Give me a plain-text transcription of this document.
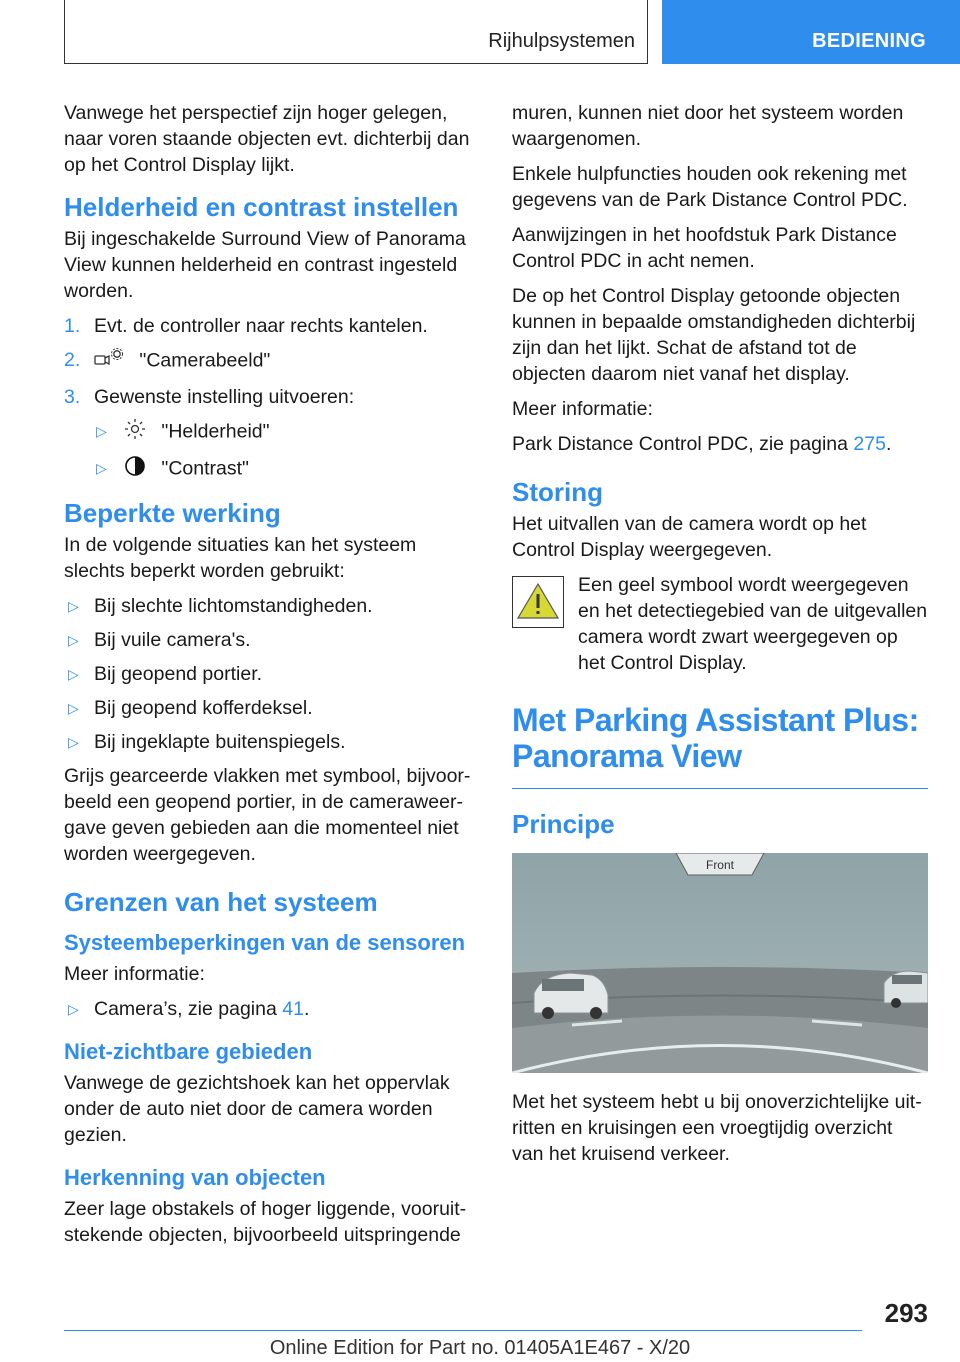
Rijhulpsystemen	BEDIENING

Vanwege het perspectief zijn hoger gelegen, naar voren staande objecten evt. dichterbij dan op het Control Display lijkt.

Helderheid en contrast instellen

Bij ingeschakelde Surround View of Panorama View kunnen helderheid en contrast ingesteld worden.

1. Evt. de controller naar rechts kantelen.
2.	"Camerabeeld"
3. Gewenste instelling uitvoeren:
▷	"Helderheid"
▷	"Contrast"
Beperkte werking

In de volgende situaties kan het systeem slechts beperkt worden gebruikt:

▷ Bij slechte lichtomstandigheden.
▷ Bij vuile camera's.
▷ Bij geopend portier.
▷ Bij geopend kofferdeksel.
▷ Bij ingeklapte buitenspiegels.

Grijs gearceerde vlakken met symbool, bijvoorbeeld een geopend portier, in de cameraweergave geven gebieden aan die momenteel niet worden weergegeven.

Grenzen van het systeem
Systeembeperkingen van de sensoren

Meer informatie:

▷ Camera’s, zie pagina 41.
Niet-zichtbare gebieden

Vanwege de gezichtshoek kan het oppervlak onder de auto niet door de camera worden gezien.

Herkenning van objecten

Zeer lage obstakels of hoger liggende, vooruitstekende objecten, bijvoorbeeld uitspringende

muren, kunnen niet door het systeem worden waargenomen.

Enkele hulpfuncties houden ook rekening met gegevens van de Park Distance Control PDC.

Aanwijzingen in het hoofdstuk Park Distance Control PDC in acht nemen.

De op het Control Display getoonde objecten kunnen in bepaalde omstandigheden dichterbij zijn dan het lijkt. Schat de afstand tot de objecten daarom niet vanaf het display.

Meer informatie:

Park Distance Control PDC, zie pagina 275.

Storing

Het uitvallen van de camera wordt op het Control Display weergegeven.

Een geel symbool wordt weergegeven en het detectiegebied van de uitgevallen camera wordt zwart weergegeven op het Control Display.

Met Parking Assistant Plus: Panorama View
Principe
Front

Met het systeem hebt u bij onoverzichtelijke uitritten en kruisingen een vroegtijdig overzicht van het kruisend verkeer.

293
Online Edition for Part no. 01405A1E467 - X/20
